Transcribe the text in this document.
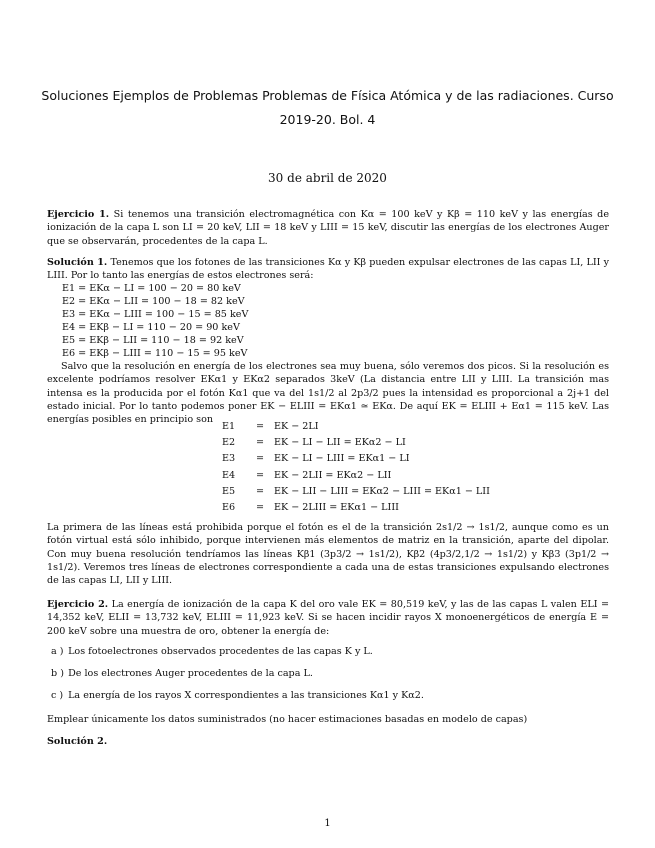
Soluciones Ejemplos de Problemas Problemas de Física Atómica y de las radiaciones. Curso
2019-20. Bol. 4
30 de abril de 2020

Ejercicio 1. Si tenemos una transición electromagnética con Kα = 100 keV y Kβ = 110 keV y las energías de ionización de la capa L son LI = 20 keV, LII = 18 keV y LIII = 15 keV, discutir las energías de los electrones Auger que se observarán, procedentes de la capa L.

Solución 1. Tenemos que los fotones de las transiciones Kα y Kβ pueden expulsar electrones de las capas LI, LII y LIII. Por lo tanto las energías de estos electrones será:

E1 = EKα − LI = 100 − 20 = 80 keV
E2 = EKα − LII = 100 − 18 = 82 keV
E3 = EKα − LIII = 100 − 15 = 85 keV
E4 = EKβ − LI = 110 − 20 = 90 keV
E5 = EKβ − LII = 110 − 18 = 92 keV
E6 = EKβ − LIII = 110 − 15 = 95 keV

Salvo que la resolución en energía de los electrones sea muy buena, sólo veremos dos picos. Si la resolución es excelente podríamos resolver EKα1 y EKα2 separados 3keV (La distancia entre LII y LIII. La transición mas intensa es la producida por el fotón Kα1 que va del 1s1/2 al 2p3/2 pues la intensidad es proporcional a 2j+1 del estado inicial. Por lo tanto podemos poner EK − ELIII = EKα1 ≃ EKα. De aquí EK = ELIII + Eα1 = 115 keV. Las energías posibles en principio son

E1	=	EK − 2LI
E2	=	EK − LI − LII = EKα2 − LI
E3	=	EK − LI − LIII = EKα1 − LI
E4	=	EK − 2LII = EKα2 − LII
E5	=	EK − LII − LIII = EKα2 − LIII = EKα1 − LII
E6	=	EK − 2LIII = EKα1 − LIII

La primera de las líneas está prohibida porque el fotón es el de la transición 2s1/2 → 1s1/2, aunque como es un fotón virtual está sólo inhibido, porque intervienen más elementos de matriz en la transición, aparte del dipolar. Con muy buena resolución tendríamos las líneas Kβ1 (3p3/2 → 1s1/2), Kβ2 (4p3/2,1/2 → 1s1/2) y Kβ3 (3p1/2 → 1s1/2). Veremos tres líneas de electrones correspondiente a cada una de estas transiciones expulsando electrones de las capas LI, LII y LIII.

Ejercicio 2. La energía de ionización de la capa K del oro vale EK = 80,519 keV, y las de las capas L valen ELI = 14,352 keV, ELII = 13,732 keV, ELIII = 11,923 keV. Si se hacen incidir rayos X monoenergéticos de energía E = 200 keV sobre una muestra de oro, obtener la energía de:

a ) Los fotoelectrones observados procedentes de las capas K y L.
b ) De los electrones Auger procedentes de la capa L.
c ) La energía de los rayos X correspondientes a las transiciones Kα1 y Kα2.

Emplear únicamente los datos suministrados (no hacer estimaciones basadas en modelo de capas)

Solución 2.

1
